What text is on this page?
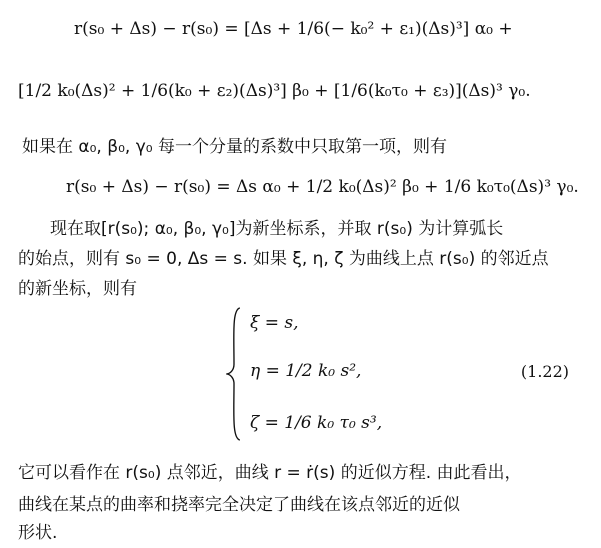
r(s₀ + Δs) − r(s₀) = [Δs + 1/6(− k₀² + ε₁)(Δs)³] α₀ +
[1/2 k₀(Δs)² + 1/6(k₀ + ε₂)(Δs)³] β₀ + [1/6(k₀τ₀ + ε₃)](Δs)³ γ₀.
如果在 α₀, β₀, γ₀ 每一个分量的系数中只取第一项，则有
r(s₀ + Δs) − r(s₀) = Δs α₀ + 1/2 k₀(Δs)² β₀ + 1/6 k₀τ₀(Δs)³ γ₀.
现在取[r(s₀); α₀, β₀, γ₀]为新坐标系，并取 r(s₀) 为计算弧长
的始点，则有 s₀ = 0, Δs = s. 如果 ξ, η, ζ 为曲线上点 r(s₀) 的邻近点
的新坐标，则有
ξ = s,
η = 1/2 k₀ s²,
ζ = 1/6 k₀ τ₀ s³,
(1.22)
它可以看作在 r(s₀) 点邻近，曲线 r = ṙ(s) 的近似方程. 由此看出，
曲线在某点的曲率和挠率完全决定了曲线在该点邻近的近似
形状.
